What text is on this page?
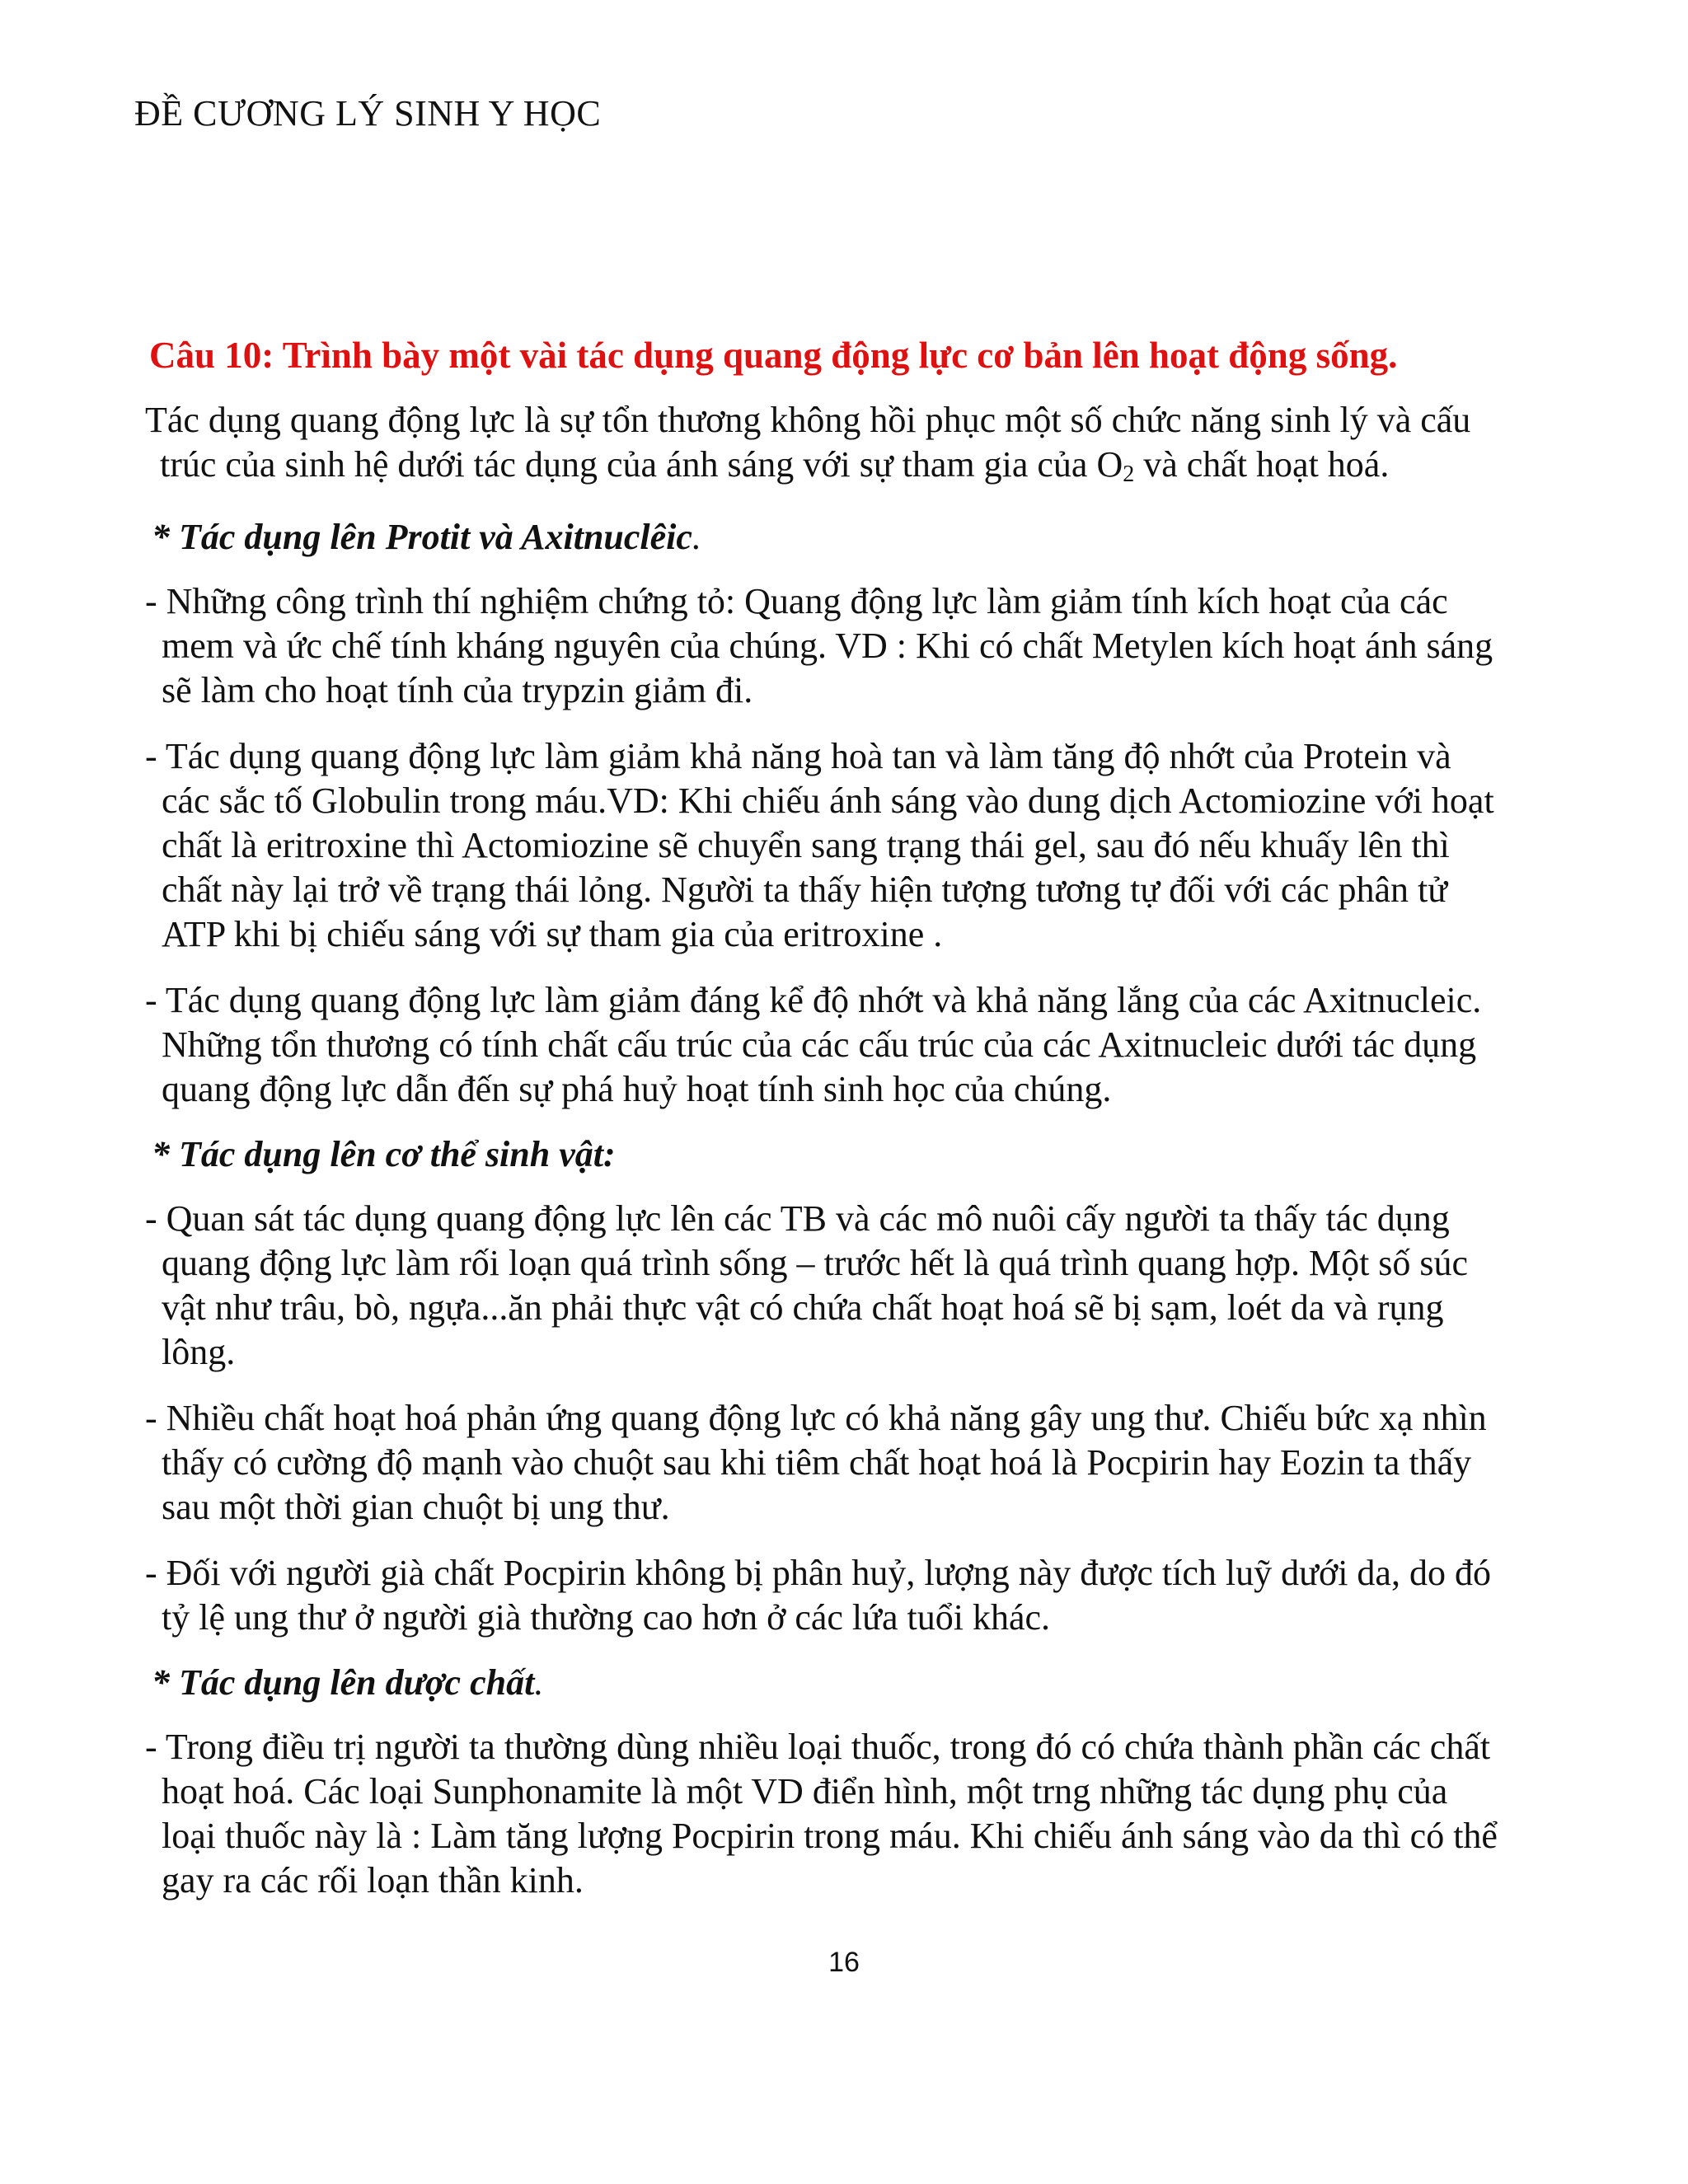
ĐỀ CƯƠNG LÝ SINH Y HỌC
Câu 10: Trình bày một vài tác dụng quang động lực cơ bản lên hoạt động sống.
Tác dụng quang động lực là sự tổn thương không hồi phục một số chức năng sinh lý và cấu
trúc của sinh hệ dưới tác dụng của ánh sáng với sự tham gia của $O_2$ và chất hoạt hoá.
* Tác dụng lên Protit và Axitnuclêic.
- Những công trình thí nghiệm chứng tỏ: Quang động lực làm giảm tính kích hoạt của các
mem và ức chế tính kháng nguyên của chúng. VD : Khi có chất Metylen kích hoạt ánh sáng
sẽ làm cho hoạt tính của trypzin giảm đi.
- Tác dụng quang động lực làm giảm khả năng hoà tan và làm tăng độ nhớt của Protein và
các sắc tố Globulin trong máu.VD: Khi chiếu ánh sáng vào dung dịch Actomiozine với hoạt
chất là eritroxine thì Actomiozine sẽ chuyển sang trạng thái gel, sau đó nếu khuấy lên thì
chất này lại trở về trạng thái lỏng. Người ta thấy hiện tượng tương tự đối với các phân tử
ATP khi bị chiếu sáng với sự tham gia của eritroxine .
- Tác dụng quang động lực làm giảm đáng kể độ nhớt và khả năng lắng của các Axitnucleic.
Những tổn thương có tính chất cấu trúc của các cấu trúc của các Axitnucleic dưới tác dụng
quang động lực dẫn đến sự phá huỷ hoạt tính sinh học của chúng.
* Tác dụng lên cơ thể sinh vật:
- Quan sát tác dụng quang động lực lên các TB và các mô nuôi cấy người ta thấy tác dụng
quang động lực làm rối loạn quá trình sống – trước hết là quá trình quang hợp. Một số súc
vật như trâu, bò, ngựa...ăn phải thực vật có chứa chất hoạt hoá sẽ bị sạm, loét da và rụng
lông.
- Nhiều chất hoạt hoá phản ứng quang động lực có khả năng gây ung thư. Chiếu bức xạ nhìn
thấy có cường độ mạnh vào chuột sau khi tiêm chất hoạt hoá là Pocpirin hay Eozin ta thấy
sau một thời gian chuột bị ung thư.
- Đối với người già chất Pocpirin không bị phân huỷ, lượng này được tích luỹ dưới da, do đó
tỷ lệ ung thư ở người già thường cao hơn ở các lứa tuổi khác.
* Tác dụng lên dược chất.
- Trong điều trị người ta thường dùng nhiều loại thuốc, trong đó có chứa thành phần các chất
hoạt hoá. Các loại Sunphonamite là một VD điển hình, một trng những tác dụng phụ của
loại thuốc này là : Làm tăng lượng Pocpirin trong máu. Khi chiếu ánh sáng vào da thì có thể
gay ra các rối loạn thần kinh.
16
